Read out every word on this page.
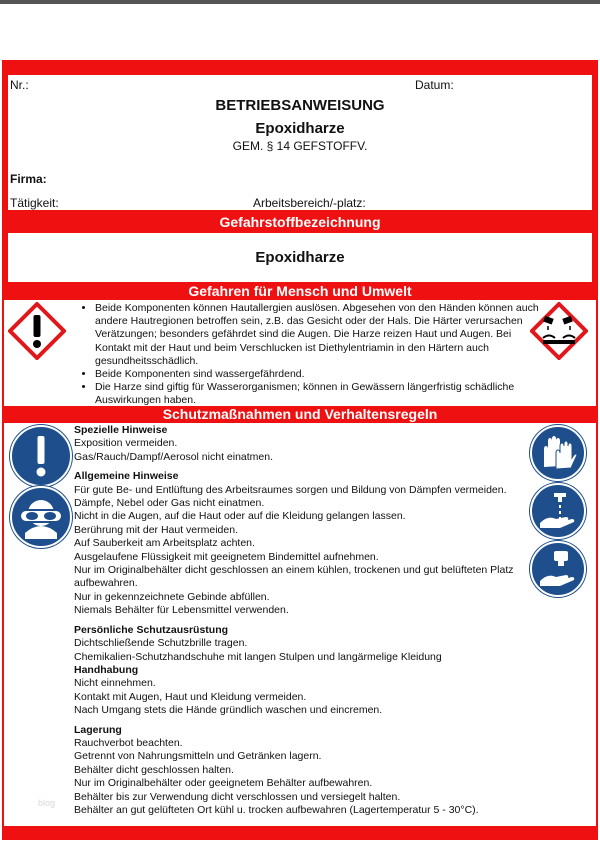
Nr.:	Datum:
BETRIEBSANWEISUNG
Epoxidharze
GEM. § 14 GEFSTOFFV.
Firma:
Tätigkeit:	Arbeitsbereich/-platz:
Gefahrstoffbezeichnung
Epoxidharze
Gefahren für Mensch und Umwelt
• Beide Komponenten können Hautallergien auslösen. Abgesehen von den Händen können auch andere Hautregionen betroffen sein, z.B. das Gesicht oder der Hals. Die Härter verursachen Verätzungen; besonders gefährdet sind die Augen. Die Harze reizen Haut und Augen. Bei Kontakt mit der Haut und beim Verschlucken ist Diethylentriamin in den Härtern auch gesundheitsschädlich.
• Beide Komponenten sind wassergefährdend.
• Die Harze sind giftig für Wasserorganismen; können in Gewässern längerfristig schädliche Auswirkungen haben.
Schutzmaßnahmen und Verhaltensregeln
Spezielle Hinweise
Exposition vermeiden.
Gas/Rauch/Dampf/Aerosol nicht einatmen.
Allgemeine Hinweise
Für gute Be- und Entlüftung des Arbeitsraumes sorgen und Bildung von Dämpfen vermeiden.
Dämpfe, Nebel oder Gas nicht einatmen.
Nicht in die Augen, auf die Haut oder auf die Kleidung gelangen lassen.
Berührung mit der Haut vermeiden.
Auf Sauberkeit am Arbeitsplatz achten.
Ausgelaufene Flüssigkeit mit geeignetem Bindemittel aufnehmen.
Nur im Originalbehälter dicht geschlossen an einem kühlen, trockenen und gut belüfteten Platz aufbewahren.
Nur in gekennzeichnete Gebinde abfüllen.
Niemals Behälter für Lebensmittel verwenden.
Persönliche Schutzausrüstung
Dichtschließende Schutzbrille tragen.
Chemikalien-Schutzhandschuhe mit langen Stulpen und langärmelige Kleidung
Handhabung
Nicht einnehmen.
Kontakt mit Augen, Haut und Kleidung vermeiden.
Nach Umgang stets die Hände gründlich waschen und eincremen.
Lagerung
Rauchverbot beachten.
Getrennt von Nahrungsmitteln und Getränken lagern.
Behälter dicht geschlossen halten.
Nur im Originalbehälter oder geeignetem Behälter aufbewahren.
Behälter bis zur Verwendung dicht verschlossen und versiegelt halten.
Behälter an gut gelüfteten Ort kühl u. trocken aufbewahren (Lagertemperatur 5 - 30°C).
blog
